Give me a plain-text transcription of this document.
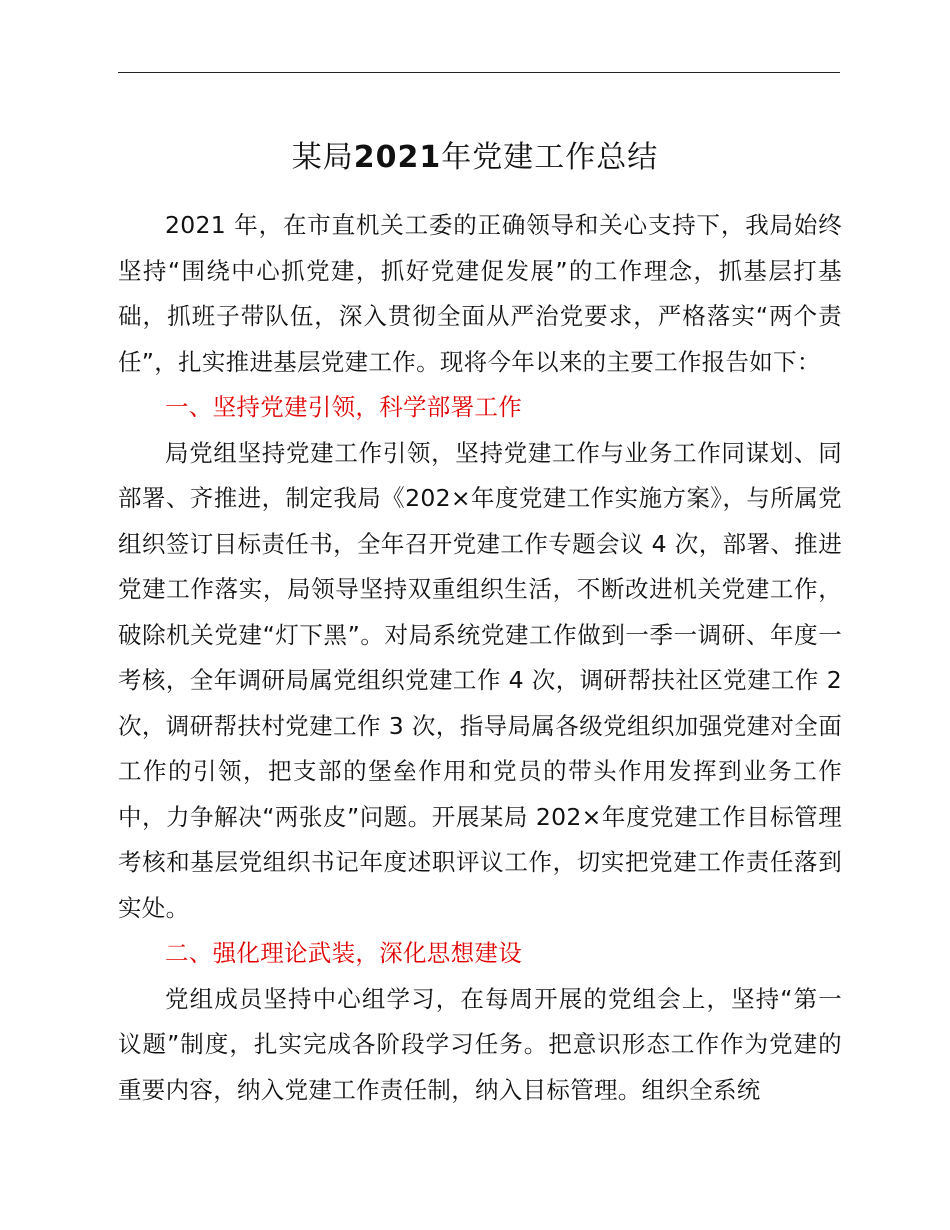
某局2021年党建工作总结

2021 年，在市直机关工委的正确领导和关心支持下，我局始终坚持“围绕中心抓党建，抓好党建促发展”的工作理念，抓基层打基础，抓班子带队伍，深入贯彻全面从严治党要求，严格落实“两个责任”，扎实推进基层党建工作。现将今年以来的主要工作报告如下：

一、坚持党建引领，科学部署工作

局党组坚持党建工作引领，坚持党建工作与业务工作同谋划、同部署、齐推进，制定我局《202×年度党建工作实施方案》，与所属党组织签订目标责任书，全年召开党建工作专题会议 4 次，部署、推进党建工作落实，局领导坚持双重组织生活，不断改进机关党建工作，破除机关党建“灯下黑”。对局系统党建工作做到一季一调研、年度一考核，全年调研局属党组织党建工作 4 次，调研帮扶社区党建工作 2 次，调研帮扶村党建工作 3 次，指导局属各级党组织加强党建对全面工作的引领，把支部的堡垒作用和党员的带头作用发挥到业务工作中，力争解决“两张皮”问题。开展某局 202×年度党建工作目标管理考核和基层党组织书记年度述职评议工作，切实把党建工作责任落到实处。

二、强化理论武装，深化思想建设

党组成员坚持中心组学习，在每周开展的党组会上，坚持“第一议题”制度，扎实完成各阶段学习任务。把意识形态工作作为党建的重要内容，纳入党建工作责任制，纳入目标管理。组织全系统
